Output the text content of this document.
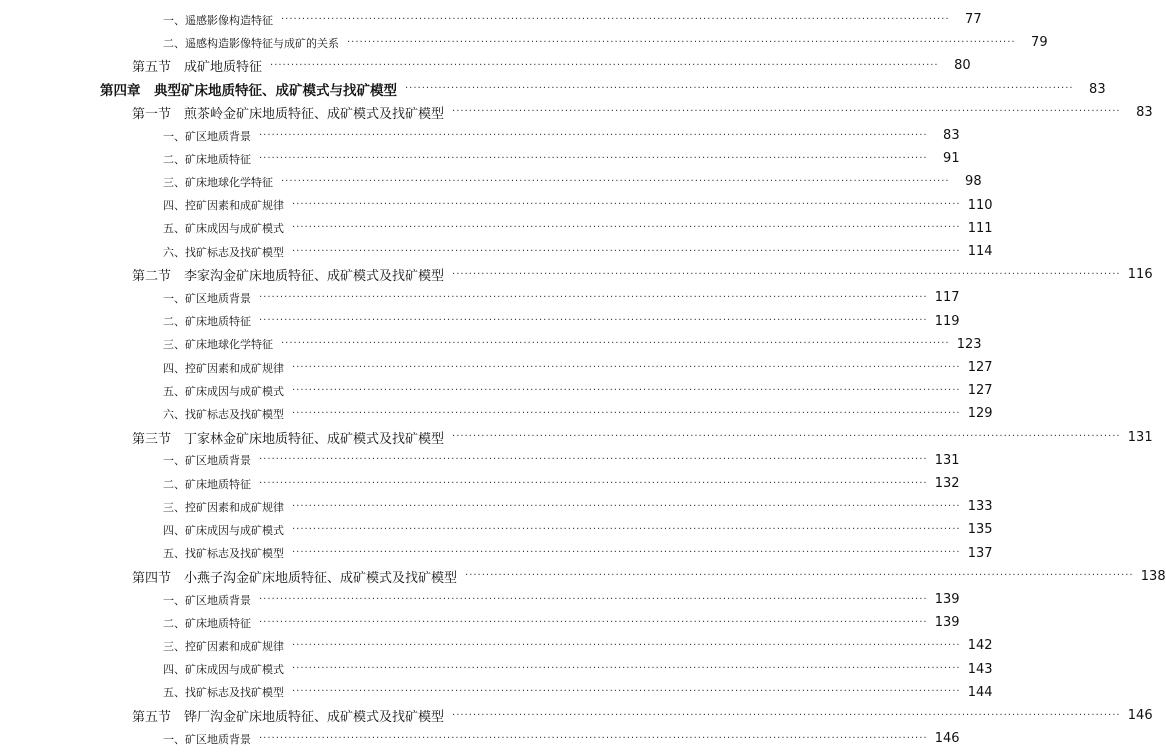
一、遥感影像构造特征 ································································································································································	77
二、遥感构造影像特征与成矿的关系 ································································································································································	79
第五节　成矿地质特征 ································································································································································	80
第四章　典型矿床地质特征、成矿模式与找矿模型 ································································································································································	83
第一节　煎茶岭金矿床地质特征、成矿模式及找矿模型 ································································································································································	83
一、矿区地质背景 ································································································································································	83
二、矿床地质特征 ································································································································································	91
三、矿床地球化学特征 ································································································································································	98
四、控矿因素和成矿规律 ································································································································································ 110
五、矿床成因与成矿模式 ································································································································································ 111
六、找矿标志及找矿模型 ································································································································································ 114
第二节　李家沟金矿床地质特征、成矿模式及找矿模型 ································································································································································ 116
一、矿区地质背景 ································································································································································ 117
二、矿床地质特征 ································································································································································ 119
三、矿床地球化学特征 ································································································································································ 123
四、控矿因素和成矿规律 ································································································································································ 127
五、矿床成因与成矿模式 ································································································································································ 127
六、找矿标志及找矿模型 ································································································································································ 129
第三节　丁家林金矿床地质特征、成矿模式及找矿模型 ································································································································································ 131
一、矿区地质背景 ································································································································································ 131
二、矿床地质特征 ································································································································································ 132
三、控矿因素和成矿规律 ································································································································································ 133
四、矿床成因与成矿模式 ································································································································································ 135
五、找矿标志及找矿模型 ································································································································································ 137
第四节　小燕子沟金矿床地质特征、成矿模式及找矿模型 ································································································································································ 138
一、矿区地质背景 ································································································································································ 139
二、矿床地质特征 ································································································································································ 139
三、控矿因素和成矿规律 ································································································································································ 142
四、矿床成因与成矿模式 ································································································································································ 143
五、找矿标志及找矿模型 ································································································································································ 144
第五节　铧厂沟金矿床地质特征、成矿模式及找矿模型 ································································································································································ 146
一、矿区地质背景 ································································································································································ 146
